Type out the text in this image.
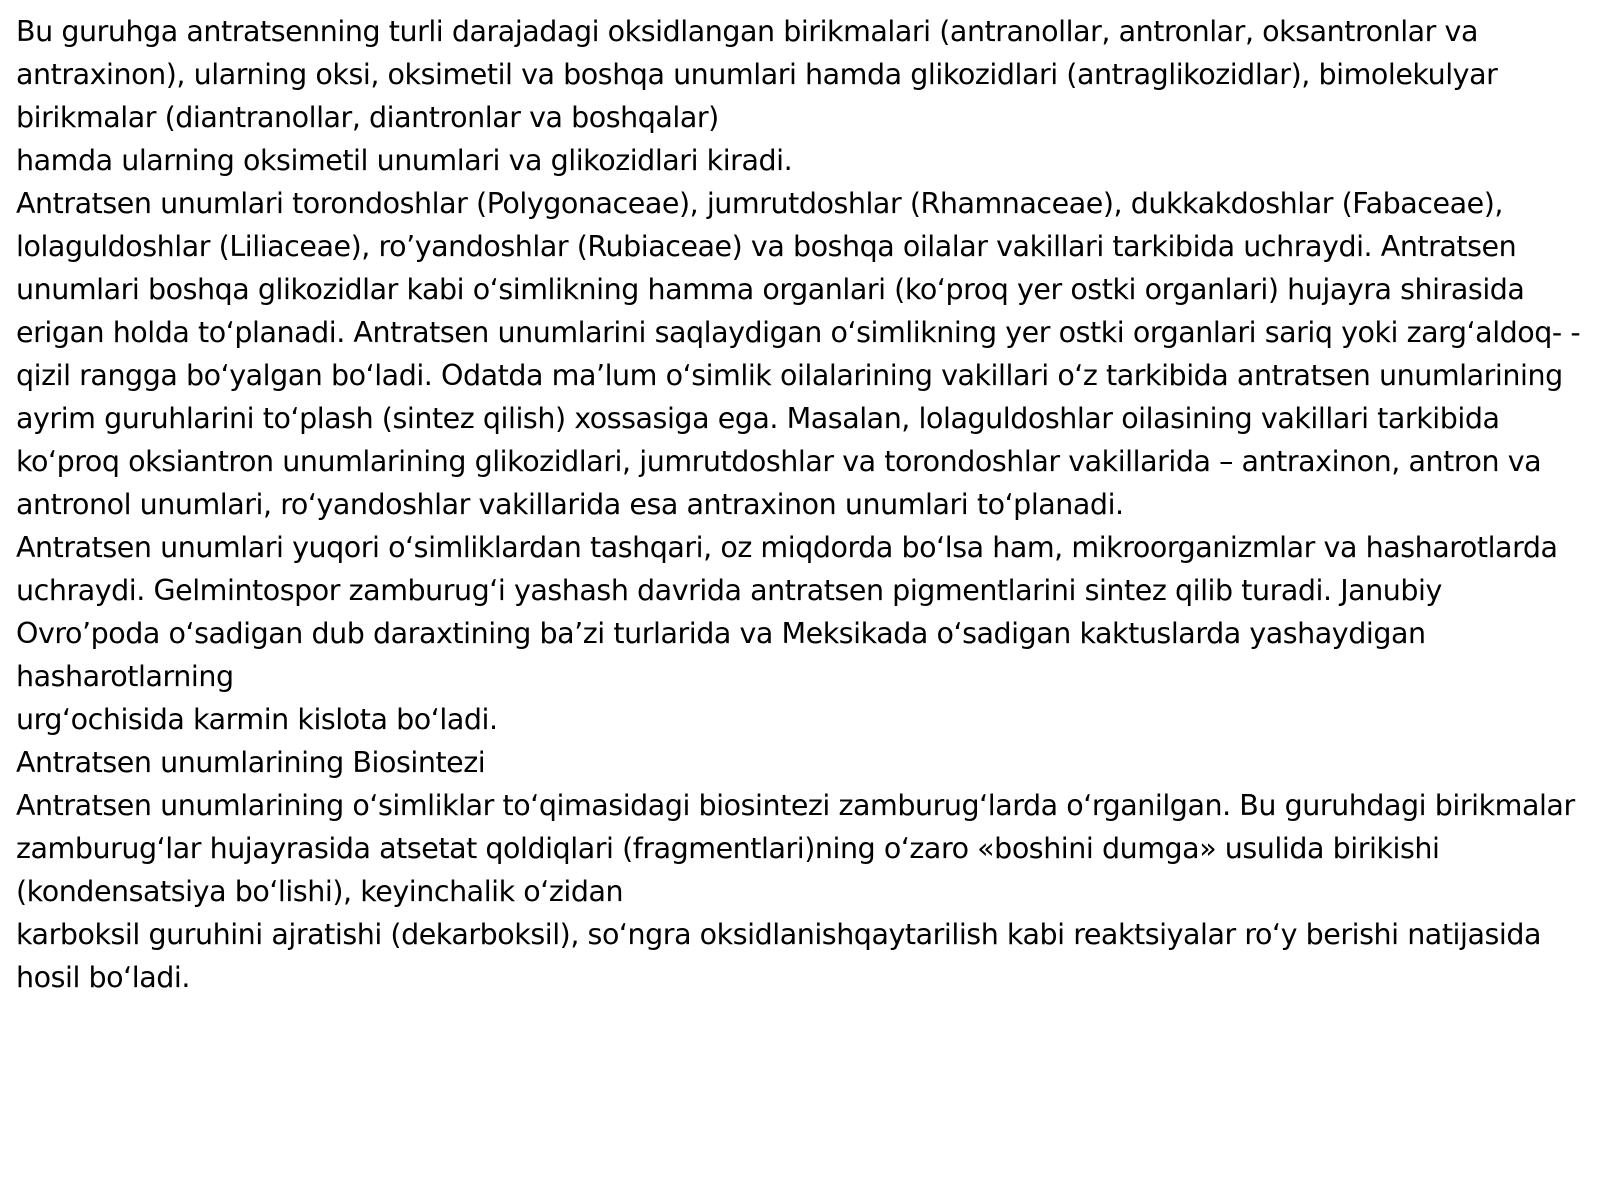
Bu guruhga antratsenning turli darajadagi oksidlangan birikmalari (antranollar, antronlar, oksantronlar va antraxinon), ularning oksi, oksimetil va boshqa unumlari hamda glikozidlari (antraglikozidlar), bimolekulyar birikmalar (diantranollar, diantronlar va boshqalar)

hamda ularning oksimetil unumlari va glikozidlari kiradi.

Antratsen unumlari torondoshlar (Polygonaceae), jumrutdoshlar (Rhamnaceae), dukkakdoshlar (Fabaceae), lolaguldoshlar (Liliaceae), ro’yandoshlar (Rubiaceae) va boshqa oilalar vakillari tarkibida uchraydi. Antratsen unumlari boshqa glikozidlar kabi oʻsimlikning hamma organlari (koʻproq yer ostki organlari) hujayra shirasida erigan holda toʻplanadi. Antratsen unumlarini saqlaydigan oʻsimlikning yer ostki organlari sariq yoki zargʻaldoq- -qizil rangga boʻyalgan boʻladi. Odatda ma’lum oʻsimlik oilalarining vakillari oʻz tarkibida antratsen unumlarining ayrim guruhlarini toʻplash (sintez qilish) xossasiga ega. Masalan, lolaguldoshlar oilasining vakillari tarkibida koʻproq oksiantron unumlarining glikozidlari, jumrutdoshlar va torondoshlar vakillarida – antraxinon, antron va antronol unumlari, roʻyandoshlar vakillarida esa antraxinon unumlari toʻplanadi.

Antratsen unumlari yuqori oʻsimliklardan tashqari, oz miqdorda boʻlsa ham, mikroorganizmlar va hasharotlarda uchraydi. Gelmintospor zamburugʻi yashash davrida antratsen pigmentlarini sintez qilib turadi. Janubiy Ovro’poda oʻsadigan dub daraxtining ba’zi turlarida va Meksikada oʻsadigan kaktuslarda yashaydigan hasharotlarning

urgʻochisida karmin kislota boʻladi.

Antratsen unumlarining Biosintezi

Antratsen unumlarining oʻsimliklar toʻqimasidagi biosintezi zamburugʻlarda oʻrganilgan. Bu guruhdagi birikmalar zamburugʻlar hujayrasida atsetat qoldiqlari (fragmentlari)ning oʻzaro «boshini dumga» usulida birikishi (kondensatsiya boʻlishi), keyinchalik oʻzidan

karboksil guruhini ajratishi (dekarboksil), soʻngra oksidlanishqaytarilish kabi reaktsiyalar roʻy berishi natijasida hosil boʻladi.
